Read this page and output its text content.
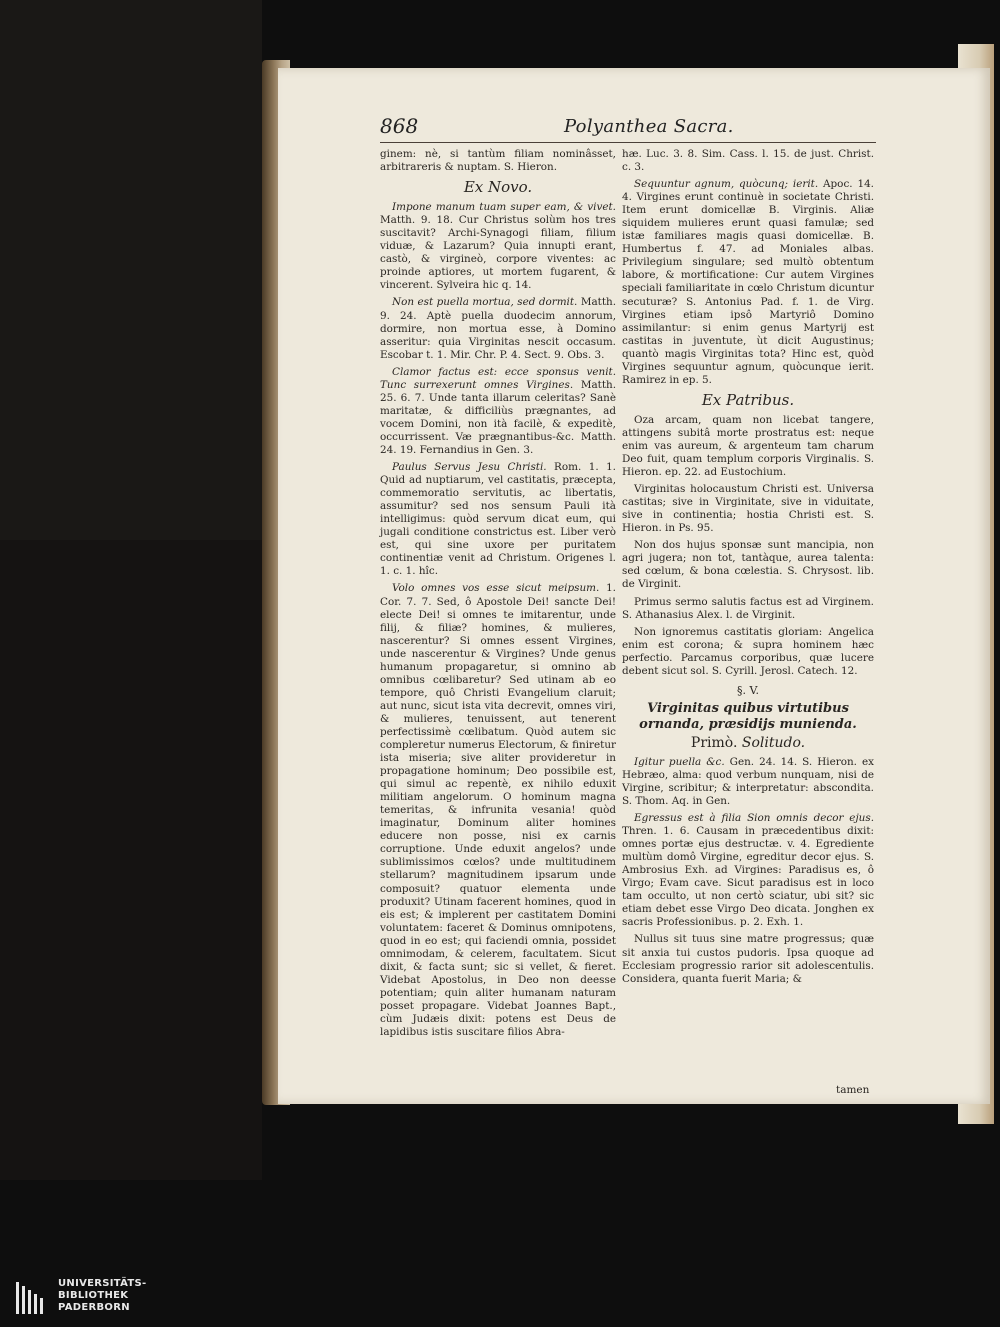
868	Polyanthea Sacra.

ginem: nè, si tantùm filiam nominâsset, arbitrareris & nuptam. S. Hieron.

Ex Novo.

Impone manum tuam super eam, & vivet. Matth. 9. 18. Cur Christus solùm hos tres suscitavit? Archi-Synagogi filiam, filium viduæ, & Lazarum? Quia innupti erant, castò, & virgineò, corpore viventes: ac proinde aptiores, ut mortem fugarent, & vincerent. Sylveira hic q. 14.

Non est puella mortua, sed dormit. Matth. 9. 24. Aptè puella duodecim annorum, dormire, non mortua esse, à Domino asseritur: quia Virginitas nescit occasum. Escobar t. 1. Mir. Chr. P. 4. Sect. 9. Obs. 3.

Clamor factus est: ecce sponsus venit. Tunc surrexerunt omnes Virgines. Matth. 25. 6. 7. Unde tanta illarum celeritas? Sanè maritatæ, & difficiliùs prægnantes, ad vocem Domini, non ità facilè, & expeditè, occurrissent. Væ prægnantibus-&c. Matth. 24. 19. Fernandius in Gen. 3.

Paulus Servus Jesu Christi. Rom. 1. 1. Quid ad nuptiarum, vel castitatis, præcepta, commemoratio servitutis, ac libertatis, assumitur? sed nos sensum Pauli ità intelligimus: quòd servum dicat eum, qui jugali conditione constrictus est. Liber verò est, qui sine uxore per puritatem continentiæ venit ad Christum. Origenes l. 1. c. 1. hîc.

Volo omnes vos esse sicut meipsum. 1. Cor. 7. 7. Sed, ô Apostole Dei! sancte Dei! electe Dei! si omnes te imitarentur, unde filij, & filiæ? homines, & mulieres, nascerentur? Si omnes essent Virgines, unde nascerentur & Virgines? Unde genus humanum propagaretur, si omnino ab omnibus cœlibaretur? Sed utinam ab eo tempore, quô Christi Evangelium claruit; aut nunc, sicut ista vita decrevit, omnes viri, & mulieres, tenuissent, aut tenerent perfectissimè cœlibatum. Quòd autem sic compleretur numerus Electorum, & finiretur ista miseria; sive aliter provideretur in propagatione hominum; Deo possibile est, qui simul ac repentè, ex nihilo eduxit militiam angelorum. O hominum magna temeritas, & infrunita vesania! quòd imaginatur, Dominum aliter homines educere non posse, nisi ex carnis corruptione. Unde eduxit angelos? unde sublimissimos cœlos? unde multitudinem stellarum? magnitudinem ipsarum unde composuit? quatuor elementa unde produxit? Utinam facerent homines, quod in eis est; & implerent per castitatem Domini voluntatem: faceret & Dominus omnipotens, quod in eo est; qui faciendi omnia, possidet omnimodam, & celerem, facultatem. Sicut dixit, & facta sunt; sic si vellet, & fieret. Videbat Apostolus, in Deo non deesse potentiam; quin aliter humanam naturam posset propagare. Videbat Joannes Bapt., cùm Judæis dixit: potens est Deus de lapidibus istis suscitare filios Abra-

hæ. Luc. 3. 8. Sim. Cass. l. 15. de just. Christ. c. 3.

Sequuntur agnum, quòcunq; ierit. Apoc. 14. 4. Virgines erunt continuè in societate Christi. Item erunt domicellæ B. Virginis. Aliæ siquidem mulieres erunt quasi famulæ; sed istæ familiares magis quasi domicellæ. B. Humbertus f. 47. ad Moniales albas. Privilegium singulare; sed multò obtentum labore, & mortificatione: Cur autem Virgines speciali familiaritate in cœlo Christum dicuntur secuturæ? S. Antonius Pad. f. 1. de Virg. Virgines etiam ipsô Martyriô Domino assimilantur: si enim genus Martyrij est castitas in juventute, ùt dicit Augustinus; quantò magis Virginitas tota? Hinc est, quòd Virgines sequuntur agnum, quòcunque ierit. Ramirez in ep. 5.

Ex Patribus.

Oza arcam, quam non licebat tangere, attingens subitâ morte prostratus est: neque enim vas aureum, & argenteum tam charum Deo fuit, quam templum corporis Virginalis. S. Hieron. ep. 22. ad Eustochium.

Virginitas holocaustum Christi est. Universa castitas; sive in Virginitate, sive in viduitate, sive in continentia; hostia Christi est. S. Hieron. in Ps. 95.

Non dos hujus sponsæ sunt mancipia, non agri jugera; non tot, tantàque, aurea talenta: sed cœlum, & bona cœlestia. S. Chrysost. lib. de Virginit.

Primus sermo salutis factus est ad Virginem. S. Athanasius Alex. l. de Virginit.

Non ignoremus castitatis gloriam: Angelica enim est corona; & supra hominem hæc perfectio. Parcamus corporibus, quæ lucere debent sicut sol. S. Cyrill. Jerosl. Catech. 12.

§. V.
Virginitas quibus virtutibus ornanda, præsidijs munienda.
Primò. Solitudo.

Igitur puella &c. Gen. 24. 14. S. Hieron. ex Hebræo, alma: quod verbum nunquam, nisi de Virgine, scribitur; & interpretatur: absconditа. S. Thom. Aq. in Gen.

Egressus est à filia Sion omnis decor ejus. Thren. 1. 6. Causam in præcedentibus dixit: omnes portæ ejus destructæ. v. 4. Egrediente multùm domô Virgine, egreditur decor ejus. S. Ambrosius Exh. ad Virgines: Paradisus es, ô Virgo; Evam cave. Sicut paradisus est in loco tam occulto, ut non certò sciatur, ubi sit? sic etiam debet esse Virgo Deo dicata. Jonghen ex sacris Professionibus. p. 2. Exh. 1.

Nullus sit tuus sine matre progressus; quæ sit anxia tui custos pudoris. Ipsa quoque ad Ecclesiam progressio rarior sit adolescentulis. Considera, quanta fuerit Maria; &

tamen
UNIVERSITÄTS-
BIBLIOTHEK
PADERBORN
